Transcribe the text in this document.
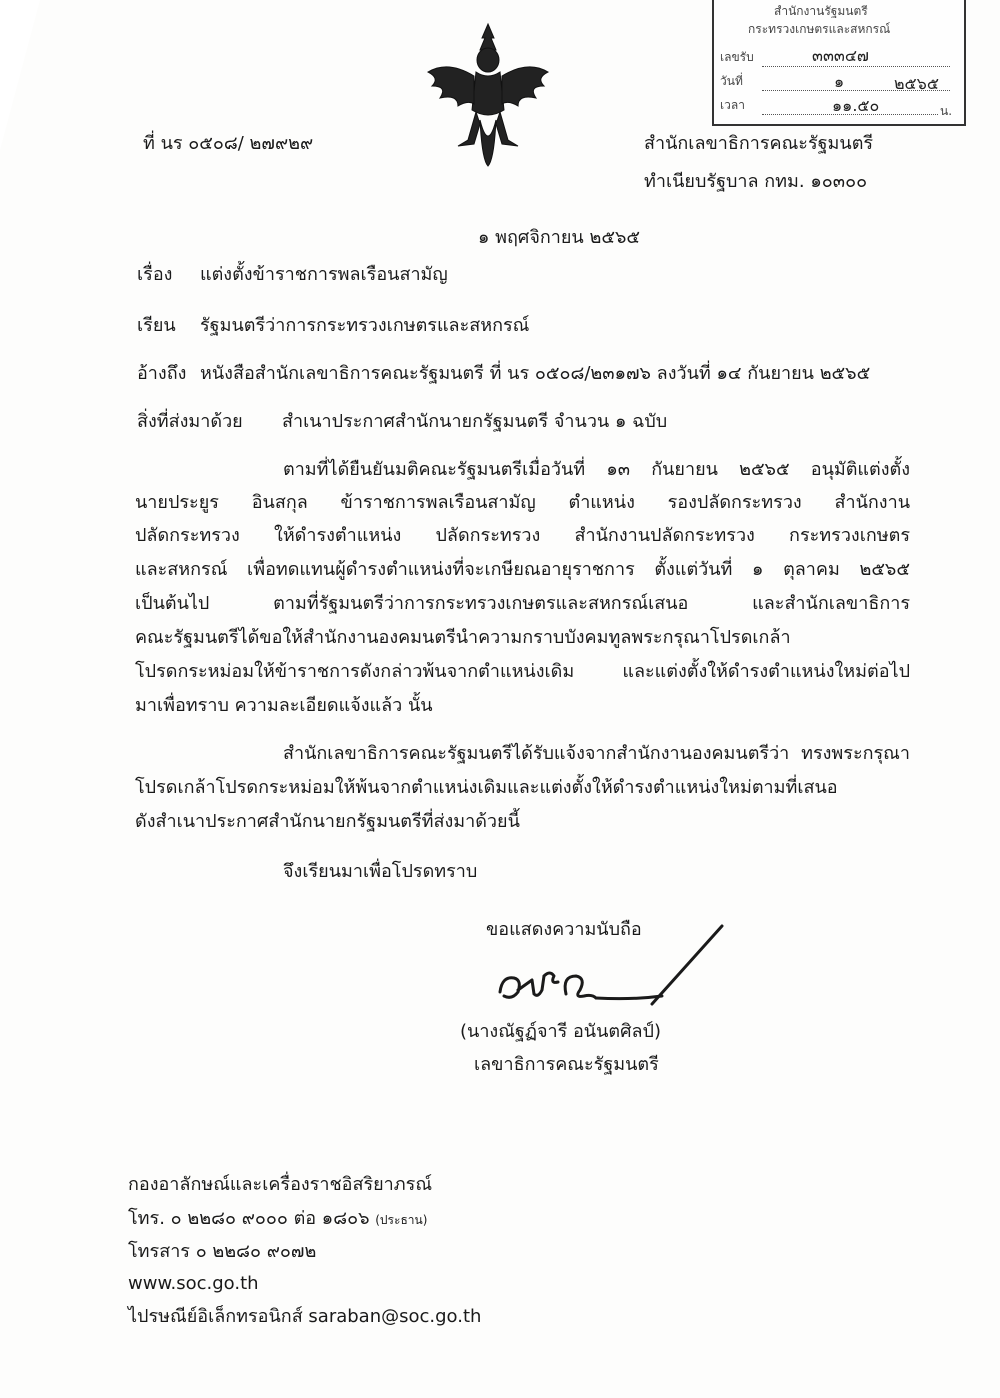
สำนักงานรัฐมนตรี
กระทรวงเกษตรและสหกรณ์
เลขรับ	๓๓๓๔๗
วันที่	๑	๒๕๖๕
เวลา	๑๑.๕๐	น.
ที่ นร ๐๕๐๘/ ๒๗๙๒๙	สำนักเลขาธิการคณะรัฐมนตรี
ทำเนียบรัฐบาล กทม. ๑๐๓๐๐
๑ พฤศจิกายน ๒๕๖๕
เรื่อง แต่งตั้งข้าราชการพลเรือนสามัญ
เรียน รัฐมนตรีว่าการกระทรวงเกษตรและสหกรณ์
อ้างถึง หนังสือสำนักเลขาธิการคณะรัฐมนตรี ที่ นร ๐๕๐๘/๒๓๑๗๖ ลงวันที่ ๑๔ กันยายน ๒๕๖๕
สิ่งที่ส่งมาด้วย สำเนาประกาศสำนักนายกรัฐมนตรี จำนวน ๑ ฉบับ
ตามที่ได้ยืนยันมติคณะรัฐมนตรีเมื่อวันที่ ๑๓ กันยายน ๒๕๖๕ อนุมัติแต่งตั้ง
นายประยูร อินสกุล ข้าราชการพลเรือนสามัญ ตำแหน่ง รองปลัดกระทรวง สำนักงาน
ปลัดกระทรวง ให้ดำรงตำแหน่ง ปลัดกระทรวง สำนักงานปลัดกระทรวง กระทรวงเกษตร
และสหกรณ์ เพื่อทดแทนผู้ดำรงตำแหน่งที่จะเกษียณอายุราชการ ตั้งแต่วันที่ ๑ ตุลาคม ๒๕๖๕
เป็นต้นไป ตามที่รัฐมนตรีว่าการกระทรวงเกษตรและสหกรณ์เสนอ และสำนักเลขาธิการ
คณะรัฐมนตรีได้ขอให้สำนักงานองคมนตรีนำความกราบบังคมทูลพระกรุณาโปรดเกล้า
โปรดกระหม่อมให้ข้าราชการดังกล่าวพ้นจากตำแหน่งเดิม และแต่งตั้งให้ดำรงตำแหน่งใหม่ต่อไป
มาเพื่อทราบ ความละเอียดแจ้งแล้ว นั้น
สำนักเลขาธิการคณะรัฐมนตรีได้รับแจ้งจากสำนักงานองคมนตรีว่า ทรงพระกรุณา
โปรดเกล้าโปรดกระหม่อมให้พ้นจากตำแหน่งเดิมและแต่งตั้งให้ดำรงตำแหน่งใหม่ตามที่เสนอ
ดังสำเนาประกาศสำนักนายกรัฐมนตรีที่ส่งมาด้วยนี้
จึงเรียนมาเพื่อโปรดทราบ
ขอแสดงความนับถือ
(นางณัฐฏ์จารี อนันตศิลป์)
เลขาธิการคณะรัฐมนตรี
กองอาลักษณ์และเครื่องราชอิสริยาภรณ์
โทร. ๐ ๒๒๘๐ ๙๐๐๐ ต่อ ๑๘๐๖ (ประธาน)
โทรสาร ๐ ๒๒๘๐ ๙๐๗๒
www.soc.go.th
ไปรษณีย์อิเล็กทรอนิกส์ saraban@soc.go.th
